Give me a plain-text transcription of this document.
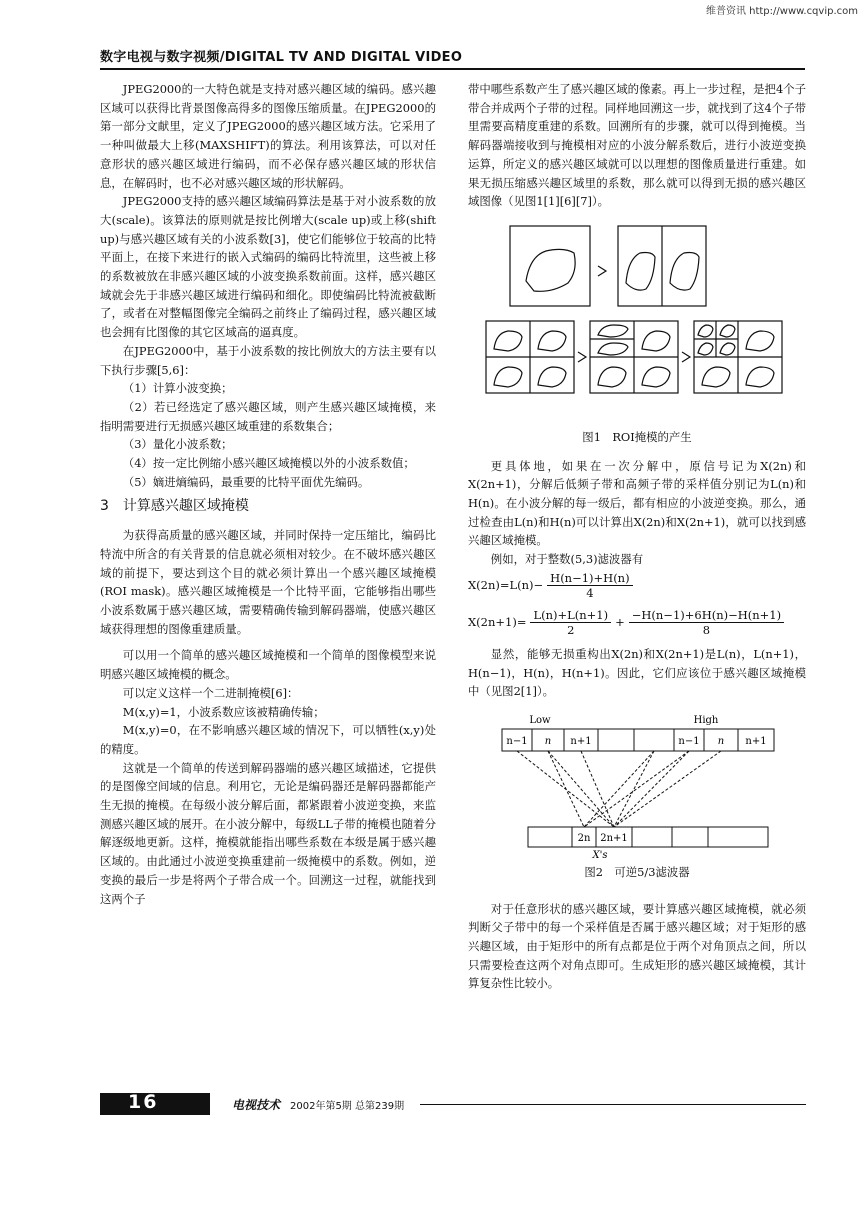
维普资讯 http://www.cqvip.com
数字电视与数字视频/DIGITAL TV AND DIGITAL VIDEO

JPEG2000的一大特色就是支持对感兴趣区域的编码。感兴趣区域可以获得比背景图像高得多的图像压缩质量。在JPEG2000的第一部分文献里，定义了JPEG2000的感兴趣区域方法。它采用了一种叫做最大上移(MAXSHIFT)的算法。利用该算法，可以对任意形状的感兴趣区域进行编码，而不必保存感兴趣区域的形状信息，在解码时，也不必对感兴趣区域的形状解码。

JPEG2000支持的感兴趣区域编码算法是基于对小波系数的放大(scale)。该算法的原则就是按比例增大(scale up)或上移(shift up)与感兴趣区域有关的小波系数[3]，使它们能够位于较高的比特平面上，在接下来进行的嵌入式编码的编码比特流里，这些被上移的系数被放在非感兴趣区域的小波变换系数前面。这样，感兴趣区域就会先于非感兴趣区域进行编码和细化。即使编码比特流被截断了，或者在对整幅图像完全编码之前终止了编码过程，感兴趣区域也会拥有比图像的其它区域高的逼真度。

在JPEG2000中，基于小波系数的按比例放大的方法主要有以下执行步骤[5,6]：

（1）计算小波变换；

（2）若已经选定了感兴趣区域，则产生感兴趣区域掩模，来指明需要进行无损感兴趣区域重建的系数集合；

（3）量化小波系数；

（4）按一定比例缩小感兴趣区域掩模以外的小波系数值；

（5）嫡进熵编码，最重要的比特平面优先编码。

3　计算感兴趣区域掩模

为获得高质量的感兴趣区域，并同时保持一定压缩比，编码比特流中所含的有关背景的信息就必须相对较少。在不破坏感兴趣区域的前提下，要达到这个目的就必须计算出一个感兴趣区域掩模(ROI mask)。感兴趣区域掩模是一个比特平面，它能够指出哪些小波系数属于感兴趣区域，需要精确传输到解码器端，使感兴趣区域获得理想的图像重建质量。

可以用一个简单的感兴趣区域掩模和一个简单的图像模型来说明感兴趣区域掩模的概念。

可以定义这样一个二进制掩模[6]：

M(x,y)=1，小波系数应该被精确传输；

M(x,y)=0，在不影响感兴趣区域的情况下，可以牺牲(x,y)处的精度。

这就是一个简单的传送到解码器端的感兴趣区域描述，它提供的是图像空间域的信息。利用它，无论是编码器还是解码器都能产生无损的掩模。在每级小波分解后面，都紧跟着小波逆变换，来监测感兴趣区域的展开。在小波分解中，每级LL子带的掩模也随着分解逐级地更新。这样，掩模就能指出哪些系数在本级是属于感兴趣区域的。由此通过小波逆变换重建前一级掩模中的系数。例如，逆变换的最后一步是将两个子带合成一个。回溯这一过程，就能找到这两个子

带中哪些系数产生了感兴趣区域的像素。再上一步过程，是把4个子带合并成两个子带的过程。同样地回溯这一步，就找到了这4个子带里需要高精度重建的系数。回溯所有的步骤，就可以得到掩模。当解码器端接收到与掩模相对应的小波分解系数后，进行小波逆变换运算，所定义的感兴趣区域就可以以理想的图像质量进行重建。如果无损压缩感兴趣区域里的系数，那么就可以得到无损的感兴趣区域图像（见图1[1][6][7]）。

图1　ROI掩模的产生

更具体地，如果在一次分解中，原信号记为X(2n)和X(2n+1)，分解后低频子带和高频子带的采样值分别记为L(n)和H(n)。在小波分解的每一级后，都有相应的小波逆变换。那么，通过检查由L(n)和H(n)可以计算出X(2n)和X(2n+1)，就可以找到感兴趣区域掩模。

例如，对于整数(5,3)滤波器有

$X(2n)=L(n)- \frac{H(n-1)+H(n)}{4}$
$X(2n+1)= \frac{L(n)+L(n+1)}{2} + \frac{-H(n-1)+6H(n)-H(n+1)}{8}$

显然，能够无损重构出X(2n)和X(2n+1)是L(n)，L(n+1)，H(n−1)，H(n)，H(n+1)。因此，它们应该位于感兴趣区域掩模中（见图2[1]）。

Low	High
n−1 n n+1	n−1 n n+1
2n 2n+1
X's
图2　可逆5/3滤波器

对于任意形状的感兴趣区域，要计算感兴趣区域掩模，就必须判断父子带中的每一个采样值是否属于感兴趣区域；对于矩形的感兴趣区域，由于矩形中的所有点都是位于两个对角顶点之间，所以只需要检查这两个对角点即可。生成矩形的感兴趣区域掩模，其计算复杂性比较小。

16	电视技术 2002年第5期 总第239期
